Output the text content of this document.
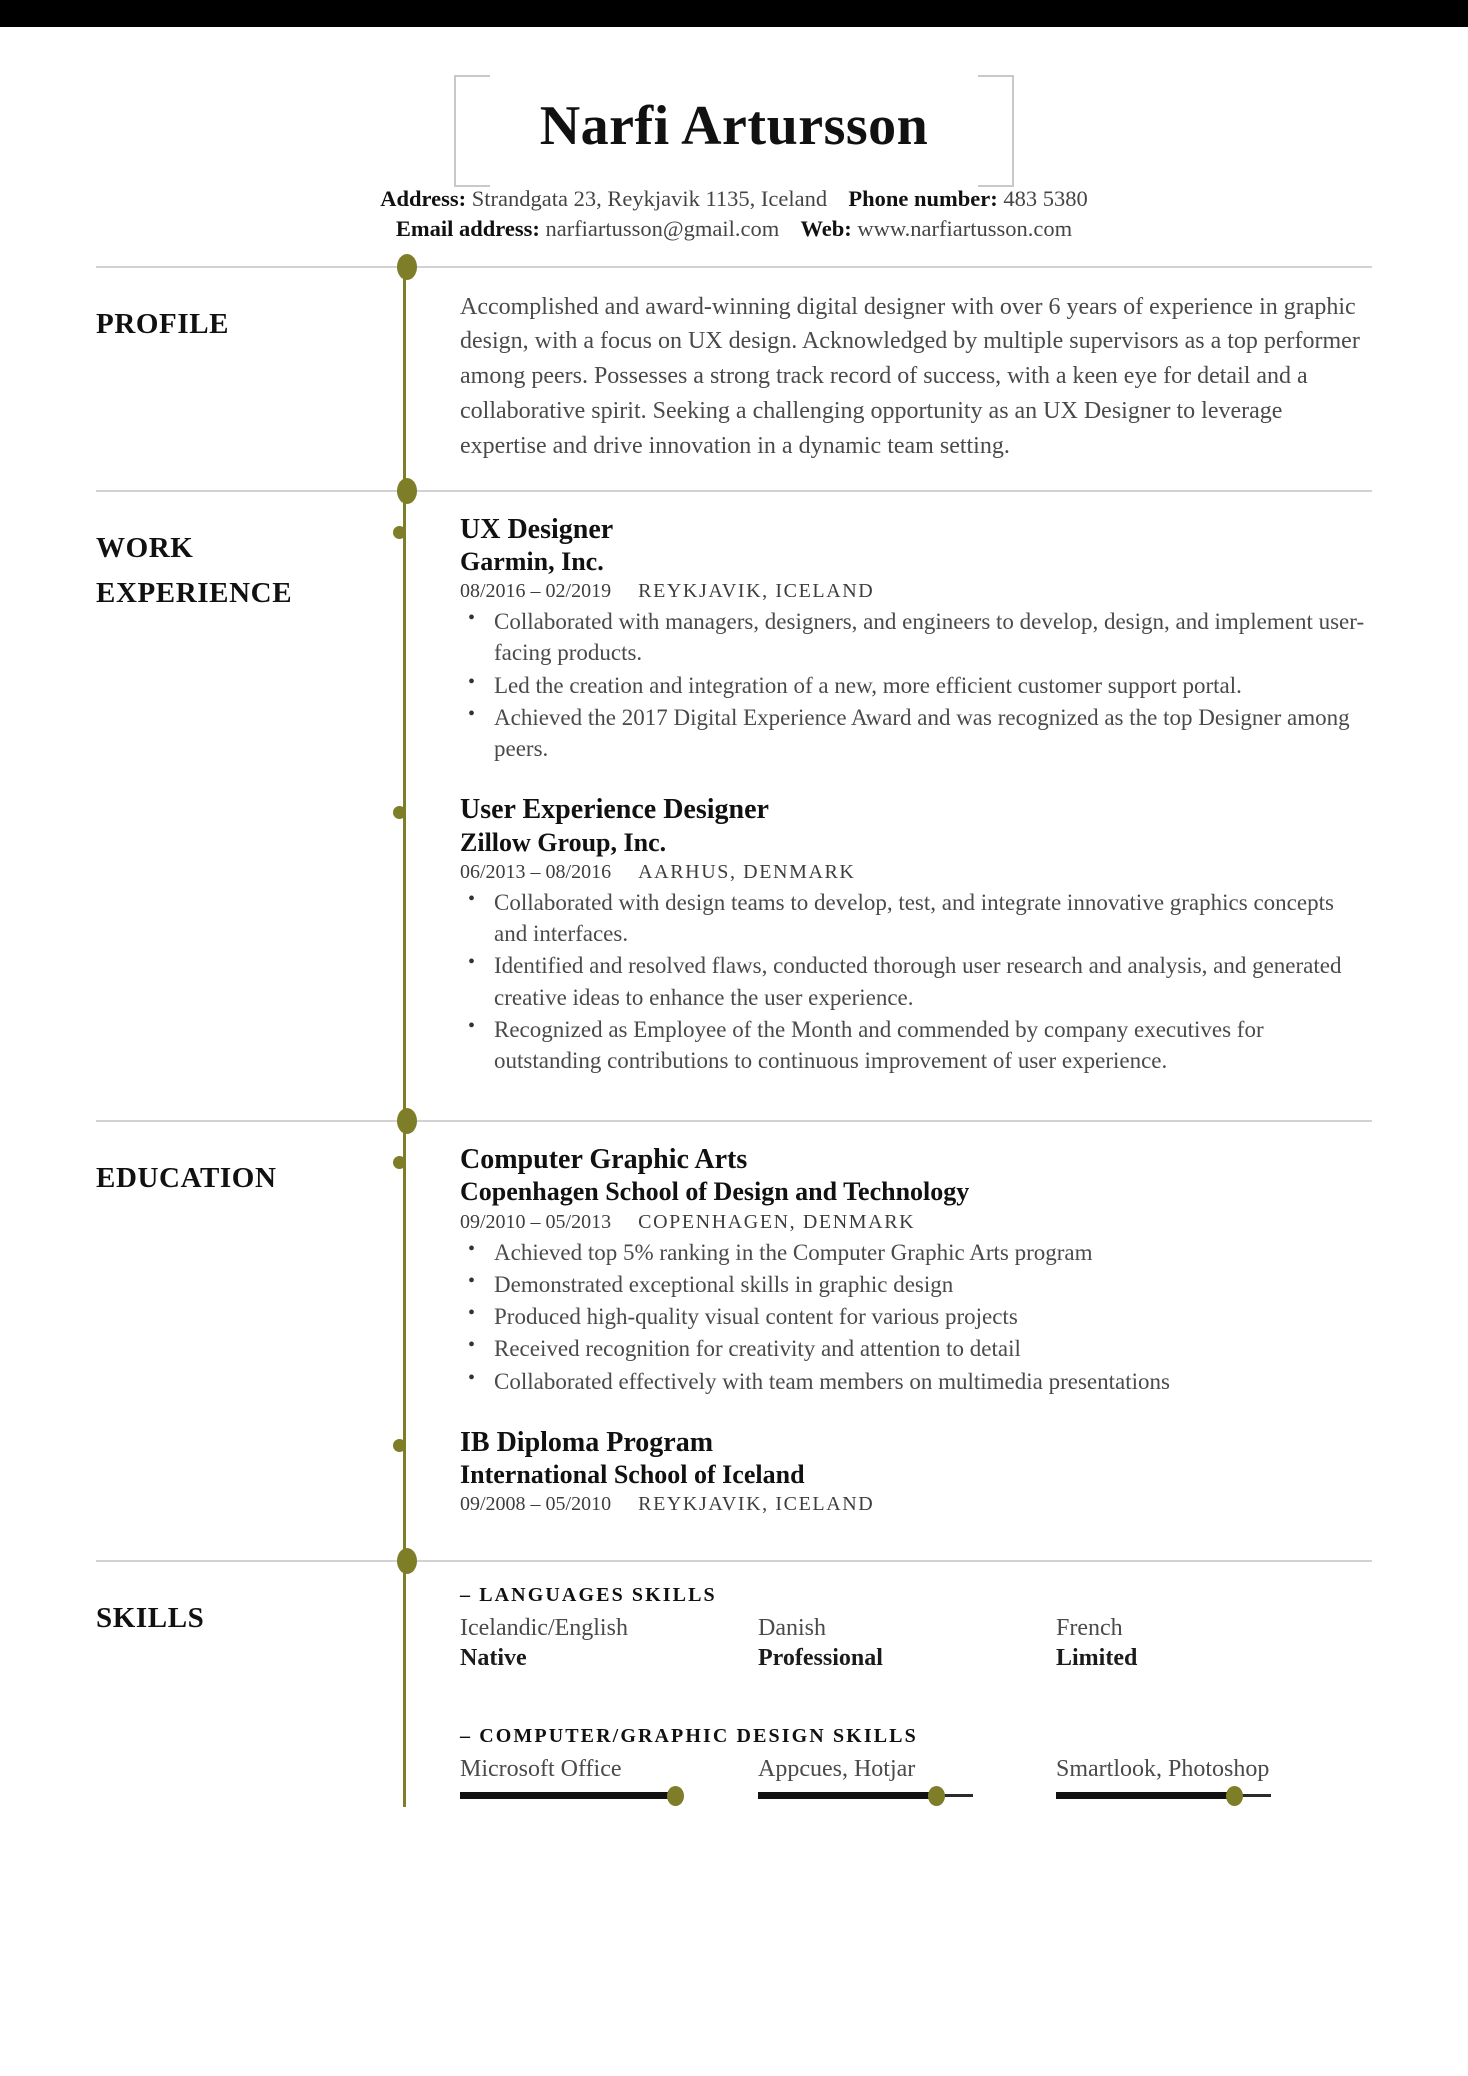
Narfi Artursson
Address: Strandgata 23, Reykjavik 1135, Iceland Phone number: 483 5380
Email address: narfiartusson@gmail.com Web: www.narfiartusson.com
PROFILE
Accomplished and award-winning digital designer with over 6 years of experience in graphic design, with a focus on UX design. Acknowledged by multiple supervisors as a top performer among peers. Possesses a strong track record of success, with a keen eye for detail and a collaborative spirit. Seeking a challenging opportunity as an UX Designer to leverage expertise and drive innovation in a dynamic team setting.
WORK
EXPERIENCE
UX Designer
Garmin, Inc.
08/2016 – 02/2019 REYKJAVIK, ICELAND
• Collaborated with managers, designers, and engineers to develop, design, and implement user-facing products.
• Led the creation and integration of a new, more efficient customer support portal.
• Achieved the 2017 Digital Experience Award and was recognized as the top Designer among peers.
User Experience Designer
Zillow Group, Inc.
06/2013 – 08/2016 AARHUS, DENMARK
• Collaborated with design teams to develop, test, and integrate innovative graphics concepts and interfaces.
• Identified and resolved flaws, conducted thorough user research and analysis, and generated creative ideas to enhance the user experience.
• Recognized as Employee of the Month and commended by company executives for outstanding contributions to continuous improvement of user experience.
EDUCATION
Computer Graphic Arts
Copenhagen School of Design and Technology
09/2010 – 05/2013 COPENHAGEN, DENMARK
• Achieved top 5% ranking in the Computer Graphic Arts program
• Demonstrated exceptional skills in graphic design
• Produced high-quality visual content for various projects
• Received recognition for creativity and attention to detail
• Collaborated effectively with team members on multimedia presentations
IB Diploma Program
International School of Iceland
09/2008 – 05/2010 REYKJAVIK, ICELAND
SKILLS
– LANGUAGES SKILLS
Icelandic/English
Native
Danish
Professional
French
Limited
– COMPUTER/GRAPHIC DESIGN SKILLS
Microsoft Office	Appcues, Hotjar	Smartlook, Photoshop
